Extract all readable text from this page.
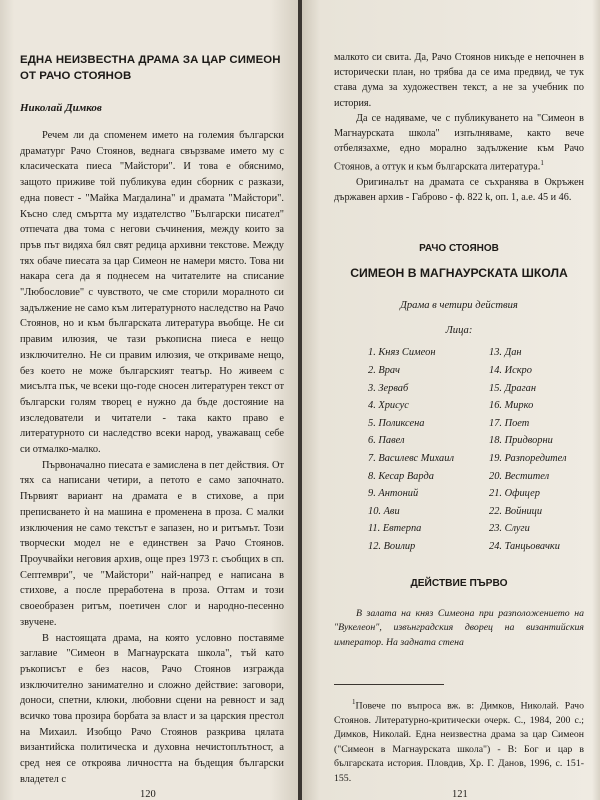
ЕДНА НЕИЗВЕСТНА ДРАМА ЗА ЦАР СИМЕОН
ОТ РАЧО СТОЯНОВ
Николай Димков

Речем ли да споменем името на големия български драматург Рачо Стоянов, веднага свързваме името му с класическата пиеса "Майстори". И това е обяснимо, защото приживе той публикува един сборник с разкази, една повест - "Майка Магдалина" и драмата "Майстори". Късно след смъртта му издателство "Български писател" отпечата два тома с негови съчинения, между които за пръв път видяха бял свят редица архивни текстове. Между тях обаче пиесата за цар Симеон не намери място. Това ни накара сега да я поднесем на читателите на списание "Любословие" с чувството, че сме сторили моралното си задължение не само към литературното наследство на Рачо Стоянов, но и към българската литература въобще. Не си правим илюзия, че тази ръкописна пиеса е нещо изключително. Не си правим илюзия, че откриваме нещо, без което не може българският театър. Но живеем с мисълта пък, че всеки що-годе сносен литературен текст от български голям творец е нужно да бъде достояние на изследователи и читатели - така както право е литературното си наследство всеки народ, уважаващ себе си отмалко-малко.

Първоначално пиесата е замислена в пет действия. От тях са написани четири, а петото е само започнато. Първият вариант на драмата е в стихове, а при преписването ѝ на машина е променена в проза. С малки изключения не само текстът е запазен, но и ритъмът. Този творчески модел не е единствен за Рачо Стоянов. Проучвайки неговия архив, още през 1973 г. съобщих в сп. Септември", че "Майстори" най-напред е написана в стихове, а после преработена в проза. Оттам и този своеобразен ритъм, поетичен слог и народно-песенно звучене.

В настоящата драма, на която условно поставяме заглавие "Симеон в Магнаурската школа", тъй като ръкописът е без насов, Рачо Стоянов изгражда изключително занимателно и сложно действие: заговори, доноси, спетни, клюки, любовни сцени на ревност и зад всичко това прозира борбата за власт и за царския престол на Михаил. Изобщо Рачо Стоянов разкрива цялата византийска политическа и духовна нечистоплътност, а сред нея се откроява личността на бъдещия български владетел с

120

малкото си свита. Да, Рачо Стоянов никъде е непочнен в исторически план, но трябва да се има предвид, че тук става дума за художествен текст, а не за учебник по история.

Да се надяваме, че с публикуването на "Симеон в Магнаурската школа" изпълняваме, както вече отбелязахме, едно морално задължение към Рачо Стоянов, а оттук и към българската литература.$^1$

Оригиналът на драмата се съхранява в Окръжен държавен архив - Габрово - ф. 822 k, оп. 1, a.e. 45 и 46.

РАЧО СТОЯНОВ
СИМЕОН В МАГНАУРСКАТА ШКОЛА
Драма в четири действия
Лица:
1. Княз Симеон
2. Врач
3. Зерваб
4. Хрисус
5. Поликсена
6. Павел
7. Василевс Михаил
8. Кесар Варда
9. Антоний
10. Ави
11. Евтерпа
12. Воилир
13. Дан
14. Искро
15. Драган
16. Мирко
17. Поет
18. Придворни
19. Разпоредител
20. Вестител
21. Офицер
22. Войници
23. Слуги
24. Танцьовачки
ДЕЙСТВИЕ ПЪРВО

В залата на княз Симеона при разположението на "Вукелеон", извънградския дворец на византийския император. На задната стена

$^1$Повече по въпроса вж. в: Димков, Николай. Рачо Стоянов. Литературно-критически очерк. С., 1984, 200 с.; Димков, Николай. Една неизвестна драма за цар Симеон ("Симеон в Магнаурската школа") - В: Бог и цар в българската история. Пловдив, Хр. Г. Данов, 1996, с. 151-155.

121
